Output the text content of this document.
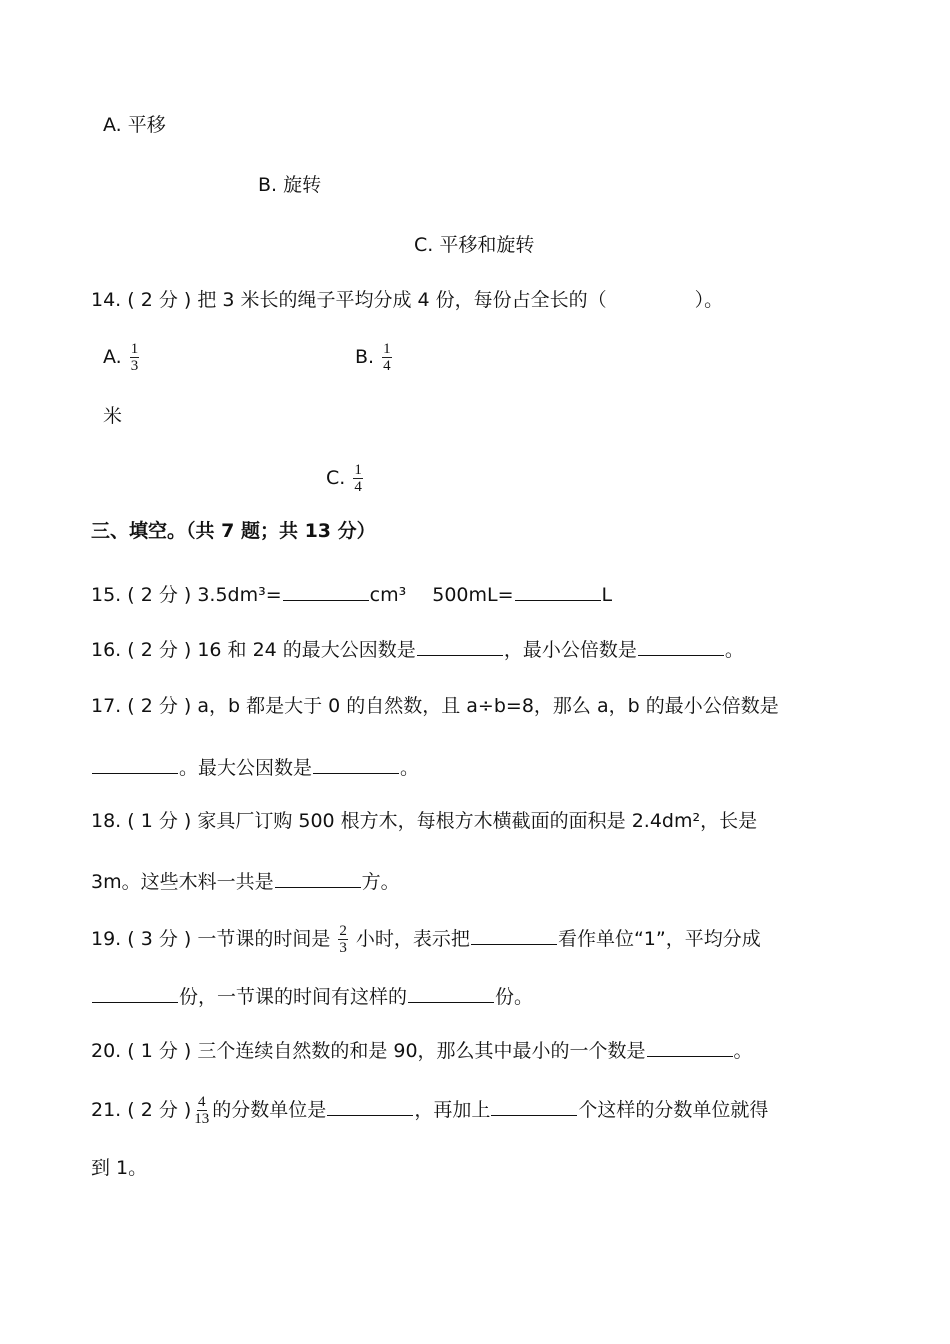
A. 平移
B. 旋转
C. 平移和旋转
14. ( 2 分 ) 把 3 米长的绳子平均分成 4 份，每份占全长的（	）。
A. $\frac{1}{3}$	B. $\frac{1}{4}$
米
C. $\frac{1}{4}$
三、填空。（共 7 题；共 13 分）
15. ( 2 分 ) 3.5dm³=	cm³ 500mL=	L
16. ( 2 分 ) 16 和 24 的最大公因数是	，最小公倍数是	。
17. ( 2 分 ) a，b 都是大于 0 的自然数，且 a÷b=8，那么 a，b 的最小公倍数是
。最大公因数是	。
18. ( 1 分 ) 家具厂订购 500 根方木，每根方木横截面的面积是 2.4dm²，长是
3m。这些木料一共是	方。
19. ( 3 分 ) 一节课的时间是 $\frac{2}{3}$ 小时，表示把	看作单位“1”，平均分成
份，一节课的时间有这样的	份。
20. ( 1 分 ) 三个连续自然数的和是 90，那么其中最小的一个数是	。
21. ( 2 分 ) $\frac{4}{13}$ 的分数单位是	，再加上	个这样的分数单位就得
到 1。
